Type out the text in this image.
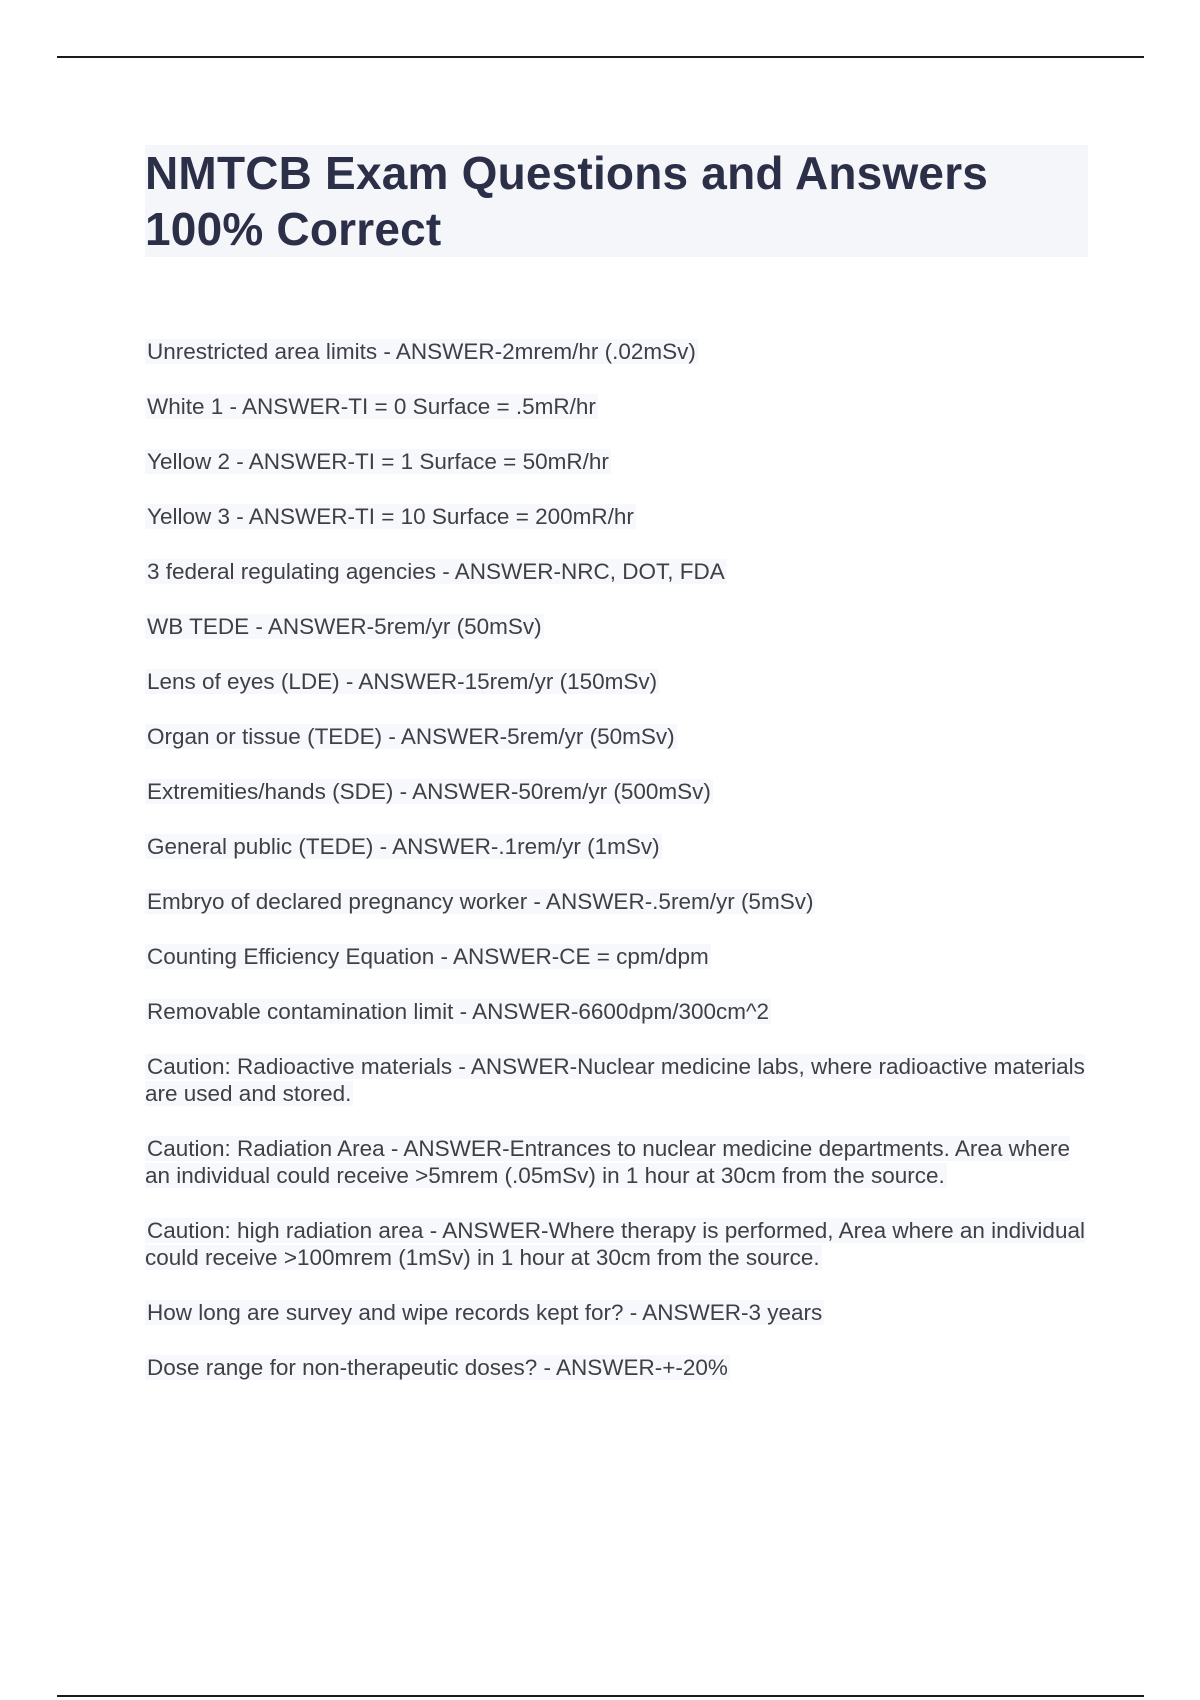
NMTCB Exam Questions and Answers
100% Correct
Unrestricted area limits - ANSWER-2mrem/hr (.02mSv)
White 1 - ANSWER-TI = 0 Surface = .5mR/hr
Yellow 2 - ANSWER-TI = 1 Surface = 50mR/hr
Yellow 3 - ANSWER-TI = 10 Surface = 200mR/hr
3 federal regulating agencies - ANSWER-NRC, DOT, FDA
WB TEDE - ANSWER-5rem/yr (50mSv)
Lens of eyes (LDE) - ANSWER-15rem/yr (150mSv)
Organ or tissue (TEDE) - ANSWER-5rem/yr (50mSv)
Extremities/hands (SDE) - ANSWER-50rem/yr (500mSv)
General public (TEDE) - ANSWER-.1rem/yr (1mSv)
Embryo of declared pregnancy worker - ANSWER-.5rem/yr (5mSv)
Counting Efficiency Equation - ANSWER-CE = cpm/dpm
Removable contamination limit - ANSWER-6600dpm/300cm^2
Caution: Radioactive materials - ANSWER-Nuclear medicine labs, where radioactive materials are used and stored.
Caution: Radiation Area - ANSWER-Entrances to nuclear medicine departments. Area where an individual could receive >5mrem (.05mSv) in 1 hour at 30cm from the source.
Caution: high radiation area - ANSWER-Where therapy is performed, Area where an individual could receive >100mrem (1mSv) in 1 hour at 30cm from the source.
How long are survey and wipe records kept for? - ANSWER-3 years
Dose range for non-therapeutic doses? - ANSWER-+-20%
